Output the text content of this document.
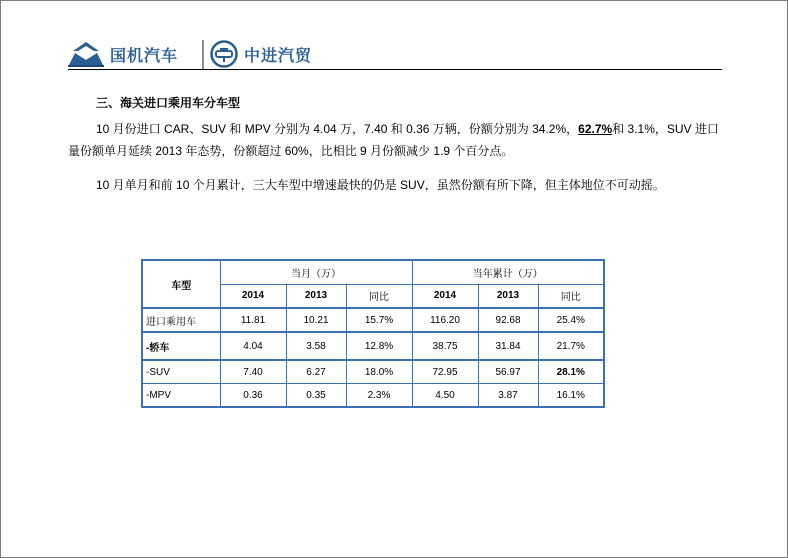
国机汽车	中进汽贸
三、海关进口乘用车分车型
10 月份进口 CAR、SUV 和 MPV 分别为 4.04 万，7.40 和 0.36 万辆，份额分别为 34.2%，62.7%和 3.1%，SUV 进口量份额单月延续 2013 年态势，份额超过 60%，比相比 9 月份额减少 1.9 个百分点。
10 月单月和前 10 个月累计，三大车型中增速最快的仍是 SUV，虽然份额有所下降，但主体地位不可动摇。
车型	当月（万）			当年累计（万）		
	2014	2013	同比	2014	2013	同比
进口乘用车	11.81	10.21	15.7%	116.20	92.68	25.4%
-轿车	4.04	3.58	12.8%	38.75	31.84	21.7%
-SUV	7.40	6.27	18.0%	72.95	56.97	28.1%
-MPV	0.36	0.35	2.3%	4.50	3.87	16.1%
